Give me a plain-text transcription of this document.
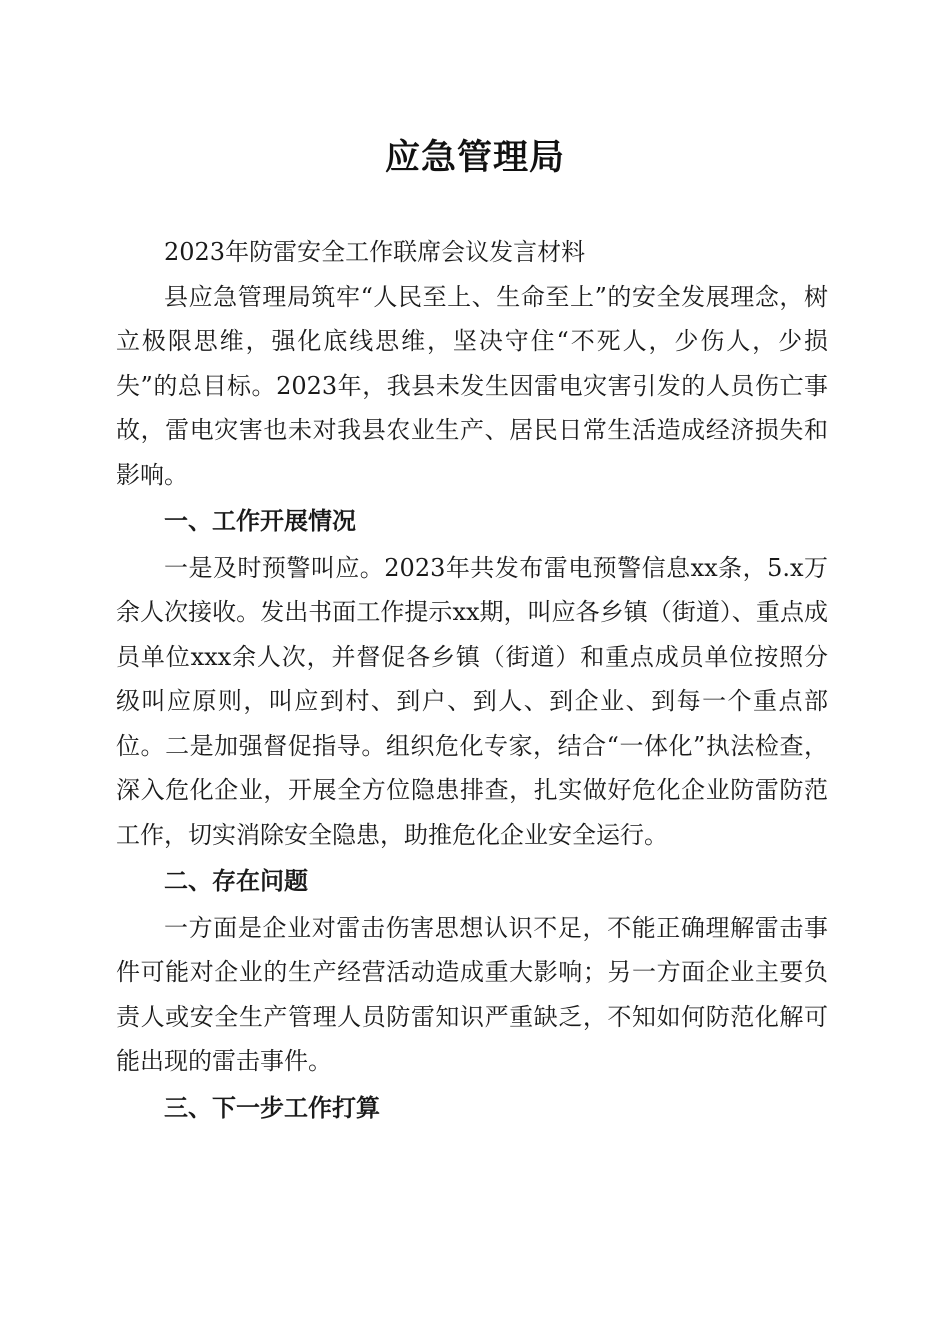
应急管理局

2023年防雷安全工作联席会议发言材料

县应急管理局筑牢“人民至上、生命至上”的安全发展理念，树立极限思维，强化底线思维，坚决守住“不死人，少伤人，少损失”的总目标。2023年，我县未发生因雷电灾害引发的人员伤亡事故，雷电灾害也未对我县农业生产、居民日常生活造成经济损失和影响。

一、工作开展情况

一是及时预警叫应。2023年共发布雷电预警信息xx条，5.x万余人次接收。发出书面工作提示xx期，叫应各乡镇（街道）、重点成员单位xxx余人次，并督促各乡镇（街道）和重点成员单位按照分级叫应原则，叫应到村、到户、到人、到企业、到每一个重点部位。二是加强督促指导。组织危化专家，结合“一体化”执法检查，深入危化企业，开展全方位隐患排查，扎实做好危化企业防雷防范工作，切实消除安全隐患，助推危化企业安全运行。

二、存在问题

一方面是企业对雷击伤害思想认识不足，不能正确理解雷击事件可能对企业的生产经营活动造成重大影响；另一方面企业主要负责人或安全生产管理人员防雷知识严重缺乏，不知如何防范化解可能出现的雷击事件。

三、下一步工作打算
